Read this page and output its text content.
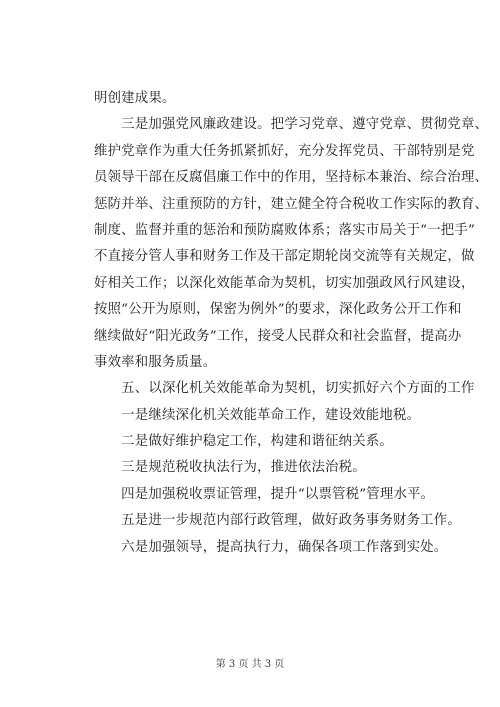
明创建成果。
　　三是加强党风廉政建设。把学习党章、遵守党章、贯彻党章、
维护党章作为重大任务抓紧抓好，充分发挥党员、干部特别是党
员领导干部在反腐倡廉工作中的作用，坚持标本兼治、综合治理、
惩防并举、注重预防的方针，建立健全符合税收工作实际的教育、
制度、监督并重的惩治和预防腐败体系；落实市局关于“一把手”
不直接分管人事和财务工作及干部定期轮岗交流等有关规定，做
好相关工作；以深化效能革命为契机，切实加强政风行风建设，
按照“公开为原则，保密为例外”的要求，深化政务公开工作和
继续做好“阳光政务”工作，接受人民群众和社会监督，提高办
事效率和服务质量。
　　五、以深化机关效能革命为契机，切实抓好六个方面的工作
　　一是继续深化机关效能革命工作，建设效能地税。
　　二是做好维护稳定工作，构建和谐征纳关系。
　　三是规范税收执法行为，推进依法治税。
　　四是加强税收票证管理，提升“以票管税”管理水平。
　　五是进一步规范内部行政管理，做好政务事务财务工作。
　　六是加强领导，提高执行力，确保各项工作落到实处。
第 3 页 共 3 页
